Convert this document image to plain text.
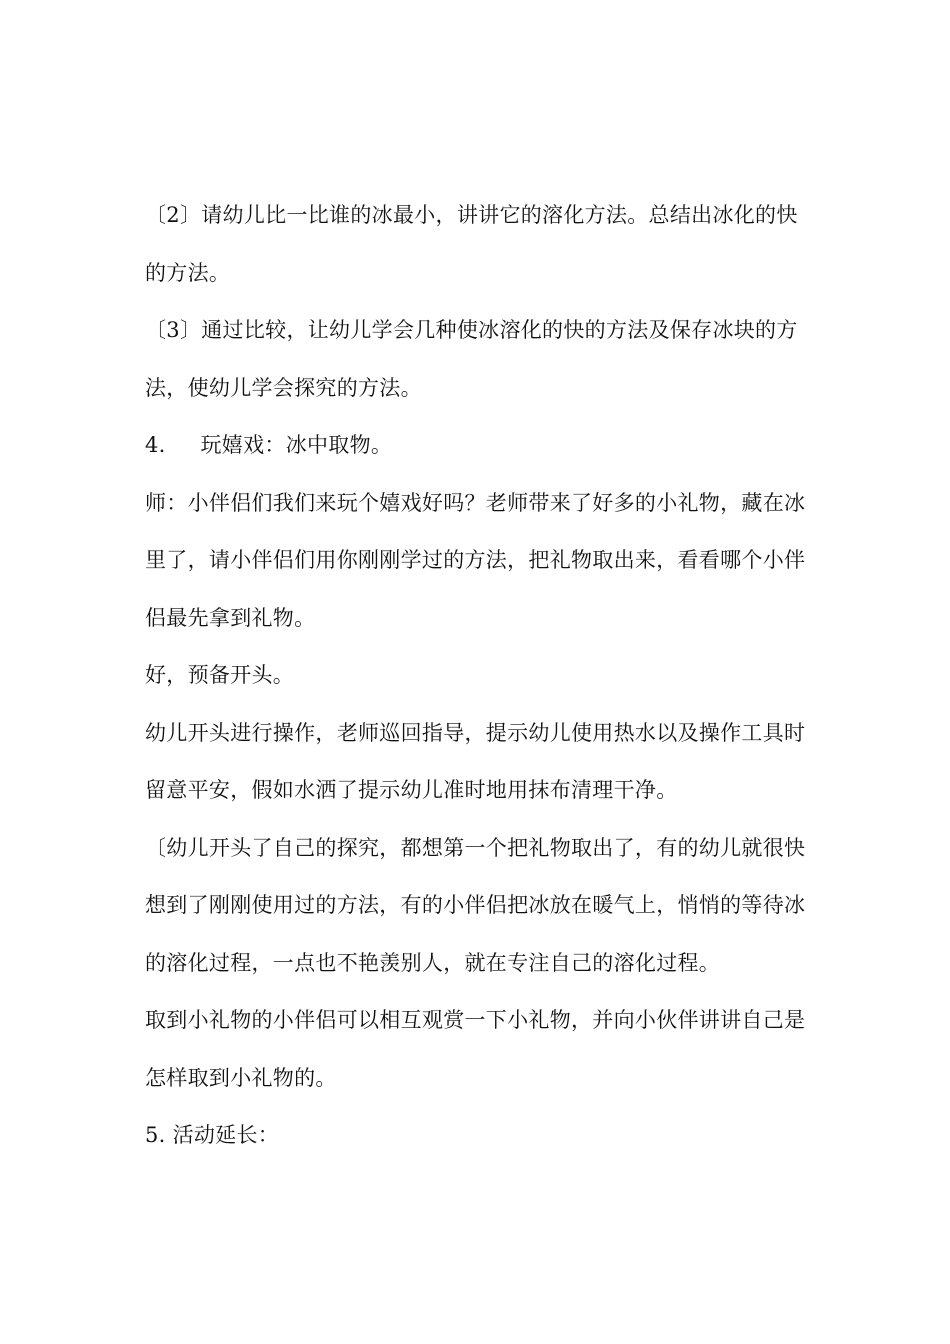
〔2〕请幼儿比一比谁的冰最小，讲讲它的溶化方法。总结出冰化的快的方法。

〔3〕通过比较，让幼儿学会几种使冰溶化的快的方法及保存冰块的方法，使幼儿学会探究的方法。

4.     玩嬉戏：冰中取物。

师：小伴侣们我们来玩个嬉戏好吗？老师带来了好多的小礼物，藏在冰里了，请小伴侣们用你刚刚学过的方法，把礼物取出来，看看哪个小伴侣最先拿到礼物。

好，预备开头。

幼儿开头进行操作，老师巡回指导，提示幼儿使用热水以及操作工具时留意平安，假如水洒了提示幼儿准时地用抹布清理干净。

〔幼儿开头了自己的探究，都想第一个把礼物取出了，有的幼儿就很快想到了刚刚使用过的方法，有的小伴侣把冰放在暖气上，悄悄的等待冰的溶化过程，一点也不艳羡别人，就在专注自己的溶化过程。

取到小礼物的小伴侣可以相互观赏一下小礼物，并向小伙伴讲讲自己是怎样取到小礼物的。

5. 活动延长：
